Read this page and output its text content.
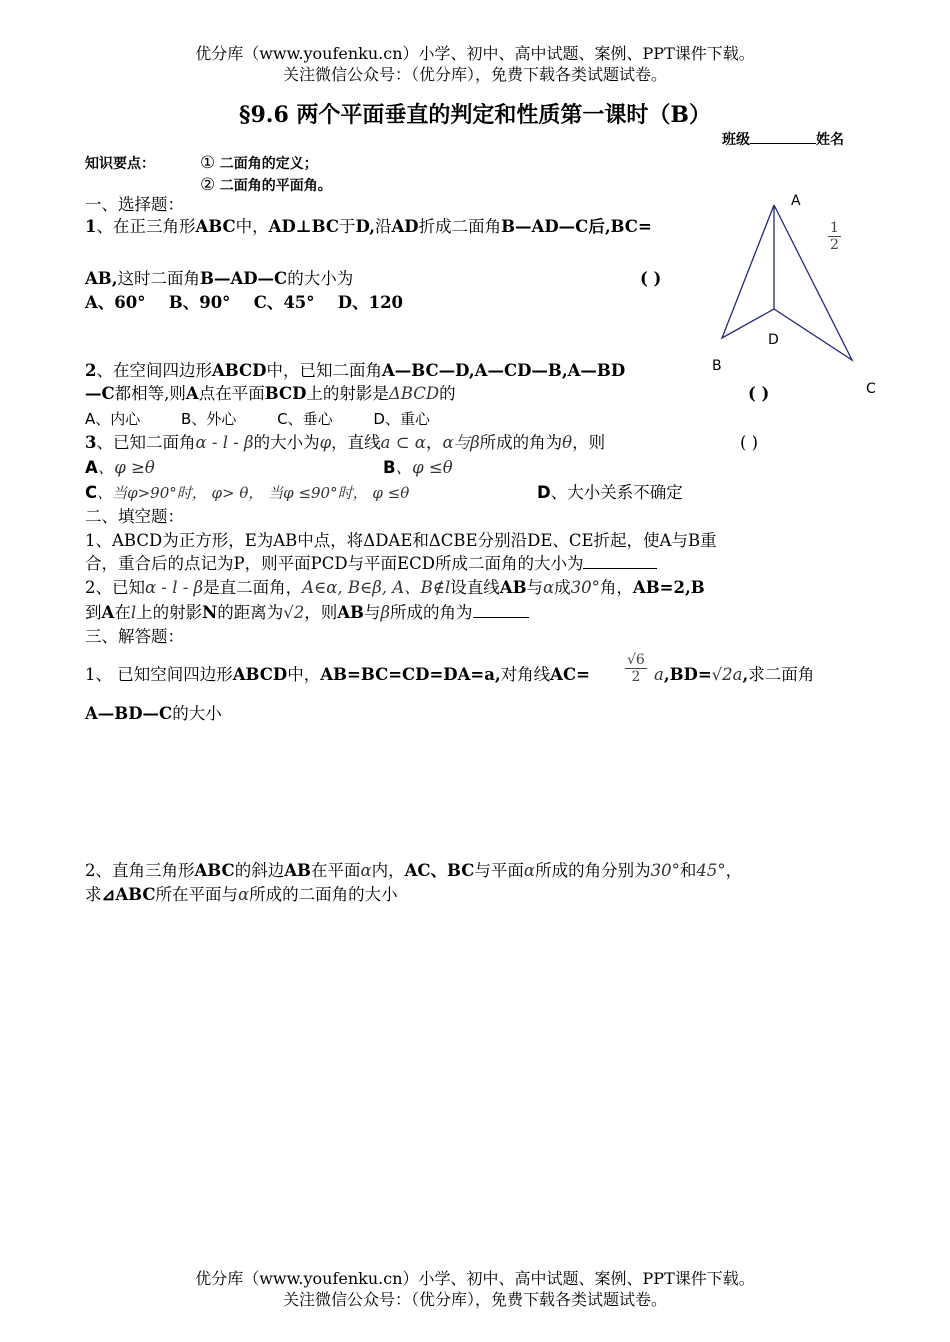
优分库（www.youfenku.cn）小学、初中、高中试题、案例、PPT课件下载。
关注微信公众号：（优分库），免费下载各类试题试卷。
§9.6 两个平面垂直的判定和性质第一课时（B）
班级	姓名
知识要点：	① 二面角的定义；
② 二面角的平面角。
一、选择题：
1、在正三角形ABC中，AD⊥BC于D,沿AD折成二面角B—AD—C后,BC=	$\frac{1}{2}$
AB,这时二面角B—AD—C的大小为	( )
A、60° B、90° C、45° D、120
2、在空间四边形ABCD中，已知二面角A—BC—D,A—CD—B,A—BD
—C都相等,则A点在平面BCD上的射影是ΔBCD的	( )
A、内心	B、外心	C、垂心	D、重心
3、已知二面角α - l - β的大小为φ，直线a ⊂ α，α与β所成的角为θ，则	( )
A、φ ≥θ	B、φ ≤θ
C、当φ>90°时， φ> θ， 当φ ≤90°时， φ ≤θ	D、大小关系不确定
二、填空题：
1、ABCD为正方形，E为AB中点，将ΔDAE和ΔCBE分别沿DE、CE折起，使A与B重
合，重合后的点记为P，则平面PCD与平面ECD所成二面角的大小为
2、已知α - l - β是直二面角，A∈α, B∈β, A、B∉l设直线AB与α成30°角，AB=2,B
到A在l上的射影N的距离为√2，则AB与β所成的角为
三、解答题：
1、 已知空间四边形ABCD中，AB=BC=CD=DA=a,对角线AC=	$\frac{√6}{2} a,BD=√2a$,求二面角
A—BD—C的大小
2、直角三角形ABC的斜边AB在平面α内，AC、BC与平面α所成的角分别为30°和45°，
求⊿ABC所在平面与α所成的二面角的大小
A
B
C
D
优分库（www.youfenku.cn）小学、初中、高中试题、案例、PPT课件下载。
关注微信公众号：（优分库），免费下载各类试题试卷。
